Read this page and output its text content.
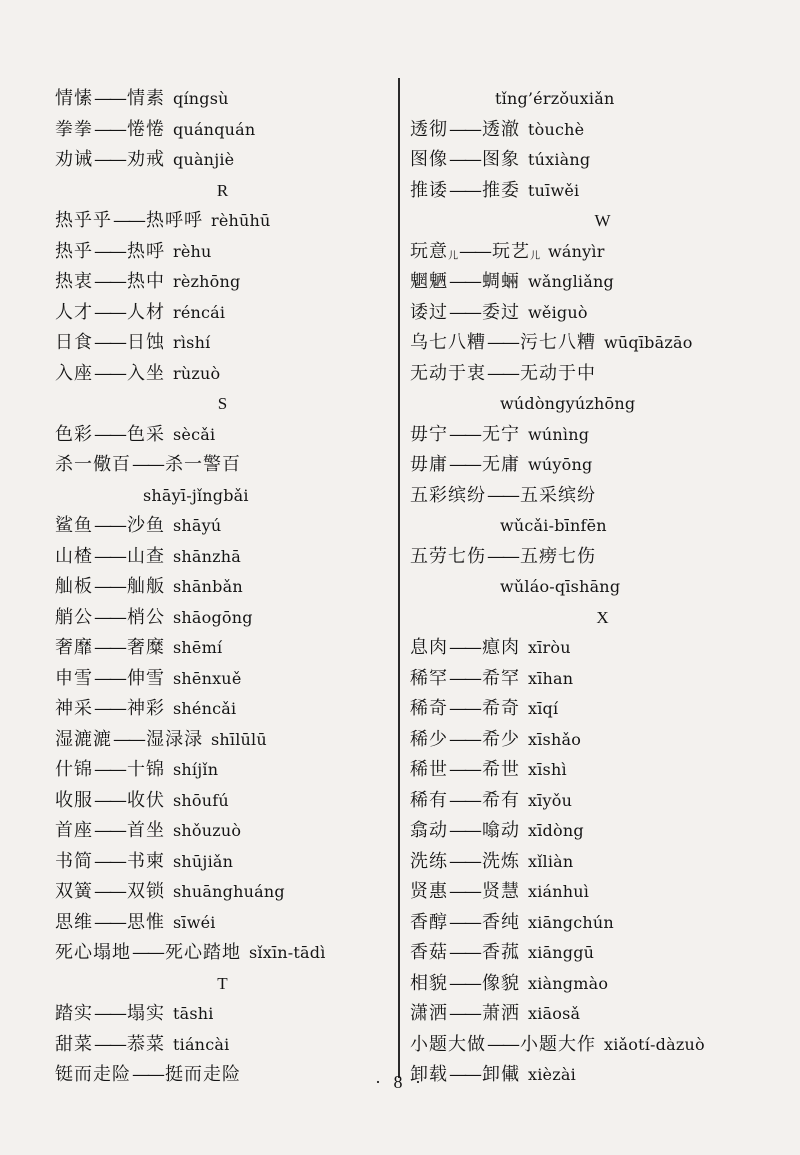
情愫—— 情素 qíngsù
拳拳—— 惓惓 quánquán
劝诫—— 劝戒 quànjiè
R
热乎乎—— 热呼呼 rèhūhū
热乎—— 热呼 rèhu
热衷—— 热中 rèzhōng
人才—— 人材 réncái
日食—— 日蚀 rìshí
入座—— 入坐 rùzuò
S
色彩—— 色采 sècǎi
杀一儆百—— 杀一警百
shāyī-jǐngbǎi
鲨鱼—— 沙鱼 shāyú
山楂—— 山查 shānzhā
舢板—— 舢舨 shānbǎn
艄公—— 梢公 shāogōng
奢靡—— 奢糜 shēmí
申雪—— 伸雪 shēnxuě
神采—— 神彩 shéncǎi
湿漉漉—— 湿渌渌 shīlūlū
什锦—— 十锦 shíjǐn
收服—— 收伏 shōufú
首座—— 首坐 shǒuzuò
书简—— 书柬 shūjiǎn
双簧—— 双锁 shuānghuáng
思维—— 思惟 sīwéi
死心塌地—— 死心踏地 sǐxīn-tādì
T
踏实—— 塌实 tāshi
甜菜—— 菾菜 tiáncài
铤而走险—— 挺而走险
tǐng’érzǒuxiǎn
透彻—— 透澈 tòuchè
图像—— 图象 túxiàng
推诿—— 推委 tuīwěi
W
玩意$_儿$—— 玩艺$_儿$ wányìr
魍魉—— 蜩蜽 wǎngliǎng
诿过—— 委过 wěiguò
乌七八糟—— 污七八糟 wūqībāzāo
无动于衷—— 无动于中
wúdòngyúzhōng
毋宁—— 无宁 wúnìng
毋庸—— 无庸 wúyōng
五彩缤纷—— 五采缤纷
wǔcǎi-bīnfēn
五劳七伤—— 五痨七伤
wǔláo-qīshāng
X
息肉—— 瘜肉 xīròu
稀罕—— 希罕 xīhan
稀奇—— 希奇 xīqí
稀少—— 希少 xīshǎo
稀世—— 希世 xīshì
稀有—— 希有 xīyǒu
翕动—— 噏动 xīdòng
洗练—— 洗炼 xǐliàn
贤惠—— 贤慧 xiánhuì
香醇—— 香纯 xiāngchún
香菇—— 香菰 xiānggū
相貌—— 像貌 xiàngmào
潇洒—— 萧洒 xiāosǎ
小题大做—— 小题大作 xiǎotí-dàzuò
卸载—— 卸儎 xièzài
· 8 ·
